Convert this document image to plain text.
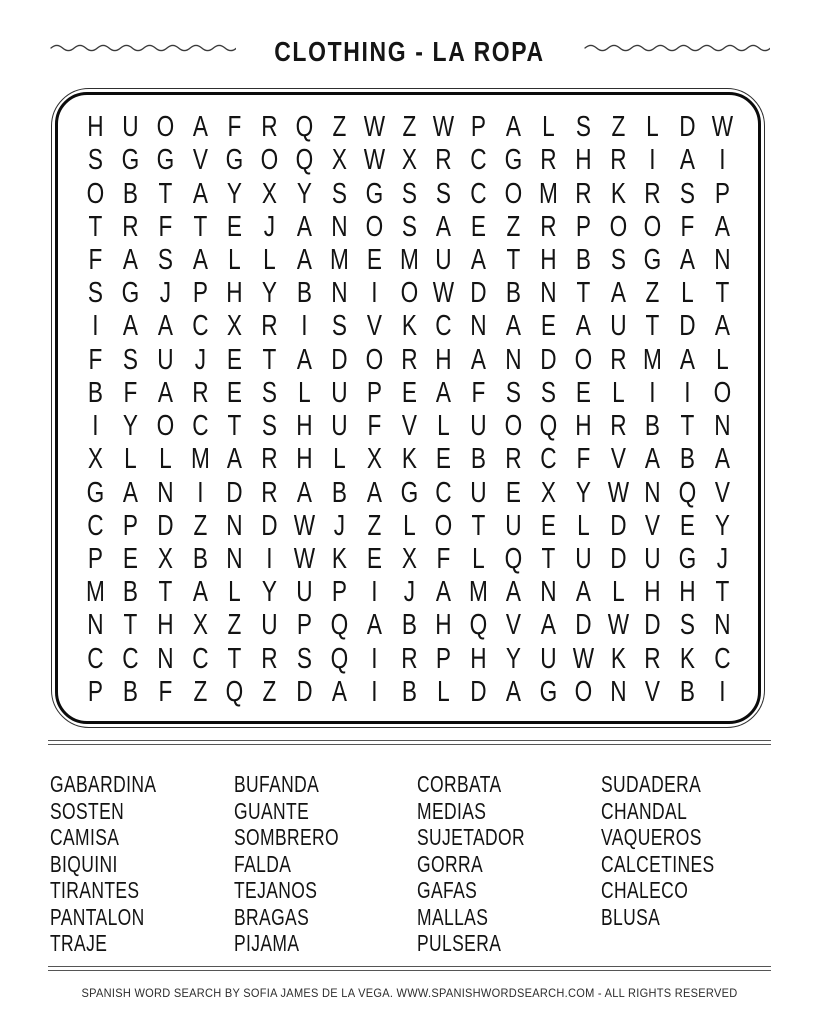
CLOTHING - LA ROPA
H U O A F R Q Z W Z W P A L S Z L D W
S G G V G O Q X W X R C G R H R I A I
O B T A Y X Y S G S S C O M R K R S P
T R F T E J A N O S A E Z R P O O F A
F A S A L L A M E M U A T H B S G A N
S G J P H Y B N I O W D B N T A Z L T
I A A C X R I S V K C N A E A U T D A
F S U J E T A D O R H A N D O R M A L
B F A R E S L U P E A F S S E L I I O
I Y O C T S H U F V L U O Q H R B T N
X L L M A R H L X K E B R C F V A B A
G A N I D R A B A G C U E X Y W N Q V
C P D Z N D W J Z L O T U E L D V E Y
P E X B N I W K E X F L Q T U D U G J
M B T A L Y U P I J A M A N A L H H T
N T H X Z U P Q A B H Q V A D W D S N
C C N C T R S Q I R P H Y U W K R K C
P B F Z Q Z D A I B L D A G O N V B I
GABARDINA
SOSTEN
CAMISA
BIQUINI
TIRANTES
PANTALON
TRAJE
BUFANDA
GUANTE
SOMBRERO
FALDA
TEJANOS
BRAGAS
PIJAMA
CORBATA
MEDIAS
SUJETADOR
GORRA
GAFAS
MALLAS
PULSERA
SUDADERA
CHANDAL
VAQUEROS
CALCETINES
CHALECO
BLUSA
SPANISH WORD SEARCH BY SOFIA JAMES DE LA VEGA. WWW.SPANISHWORDSEARCH.COM - ALL RIGHTS RESERVED
